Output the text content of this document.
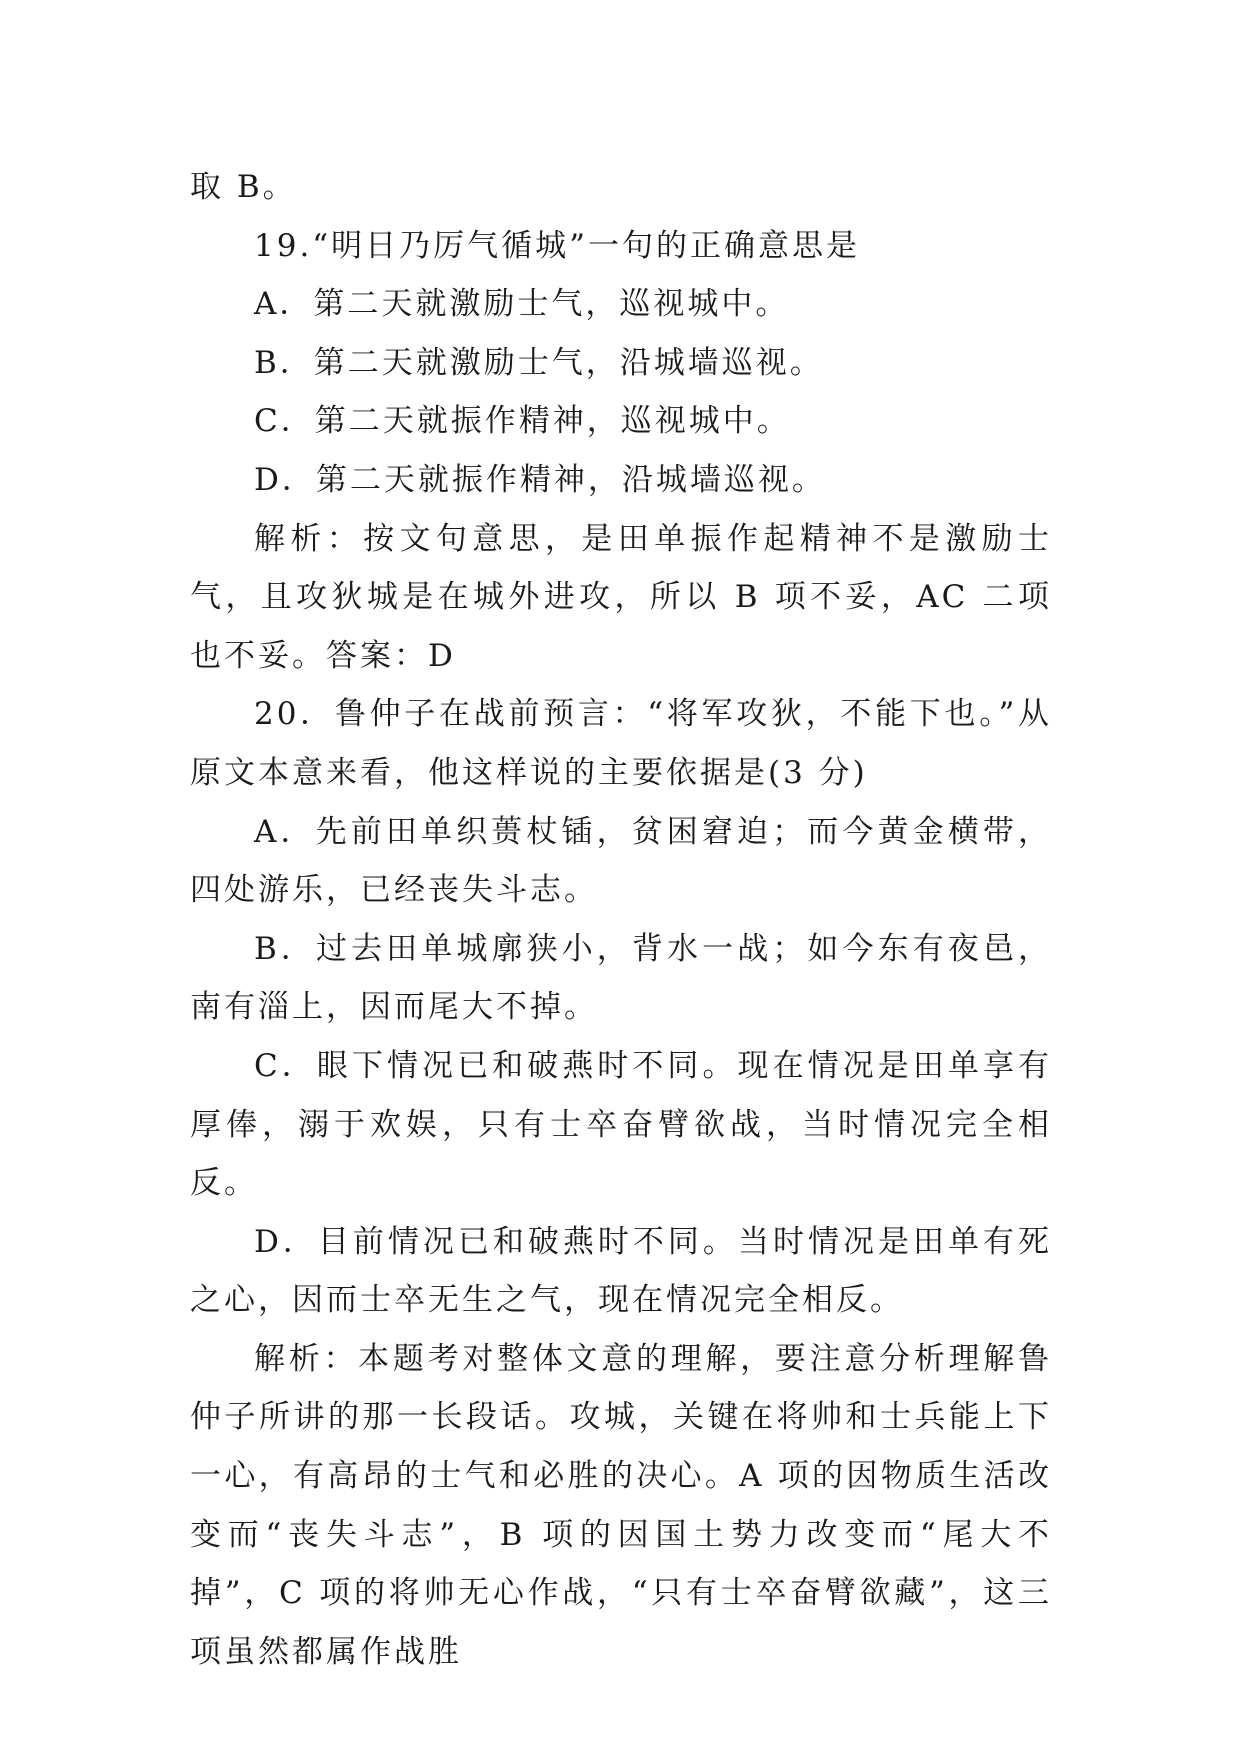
取 B。

19.“明日乃厉气循城”一句的正确意思是

A．第二天就激励士气，巡视城中。

B．第二天就激励士气，沿城墙巡视。

C．第二天就振作精神，巡视城中。

D．第二天就振作精神，沿城墙巡视。

解析：按文句意思，是田单振作起精神不是激励士气，且攻狄城是在城外进攻，所以 B 项不妥，AC 二项也不妥。答案：D

20．鲁仲子在战前预言：“将军攻狄，不能下也。”从原文本意来看，他这样说的主要依据是(3 分)

A．先前田单织蒉杖锸，贫困窘迫；而今黄金横带，四处游乐，已经丧失斗志。

B．过去田单城廓狭小，背水一战；如今东有夜邑，南有淄上，因而尾大不掉。

C．眼下情况已和破燕时不同。现在情况是田单享有厚俸，溺于欢娱，只有士卒奋臂欲战，当时情况完全相反。

D．目前情况已和破燕时不同。当时情况是田单有死之心，因而士卒无生之气，现在情况完全相反。

解析：本题考对整体文意的理解，要注意分析理解鲁仲子所讲的那一长段话。攻城，关键在将帅和士兵能上下一心，有高昂的士气和必胜的决心。A 项的因物质生活改变而“丧失斗志”，B 项的因国土势力改变而“尾大不掉”，C 项的将帅无心作战，“只有士卒奋臂欲藏”，这三项虽然都属作战胜
